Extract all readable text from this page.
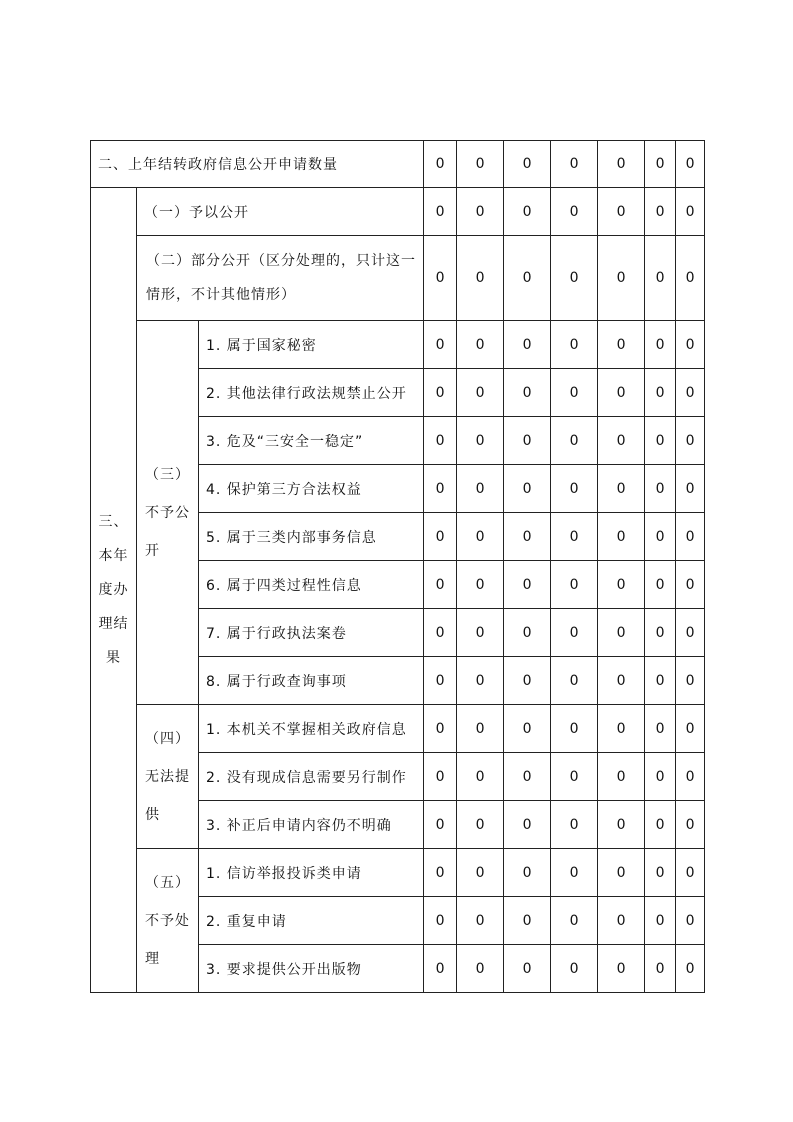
二、上年结转政府信息公开申请数量			0	0	0	0	0	0	0

三、
本年
度办
理结
果	（一）予以公开		0	0	0	0	0	0	0
	（二）部分公开（区分处理的，只计这一情形，不计其他情形）		0	0	0	0	0	0	0

	（三）
不予公
开	1. 属于国家秘密	0	0	0	0	0	0	0
		2. 其他法律行政法规禁止公开	0	0	0	0	0	0	0
		3. 危及“三安全一稳定”	0	0	0	0	0	0	0
		4. 保护第三方合法权益	0	0	0	0	0	0	0
		5. 属于三类内部事务信息	0	0	0	0	0	0	0
		6. 属于四类过程性信息	0	0	0	0	0	0	0
		7. 属于行政执法案卷	0	0	0	0	0	0	0
		8. 属于行政查询事项	0	0	0	0	0	0	0

	（四）
无法提
供	1. 本机关不掌握相关政府信息	0	0	0	0	0	0	0
		2. 没有现成信息需要另行制作	0	0	0	0	0	0	0
		3. 补正后申请内容仍不明确	0	0	0	0	0	0	0

	（五）
不予处
理	1. 信访举报投诉类申请	0	0	0	0	0	0	0
		2. 重复申请	0	0	0	0	0	0	0
		3. 要求提供公开出版物	0	0	0	0	0	0	0
